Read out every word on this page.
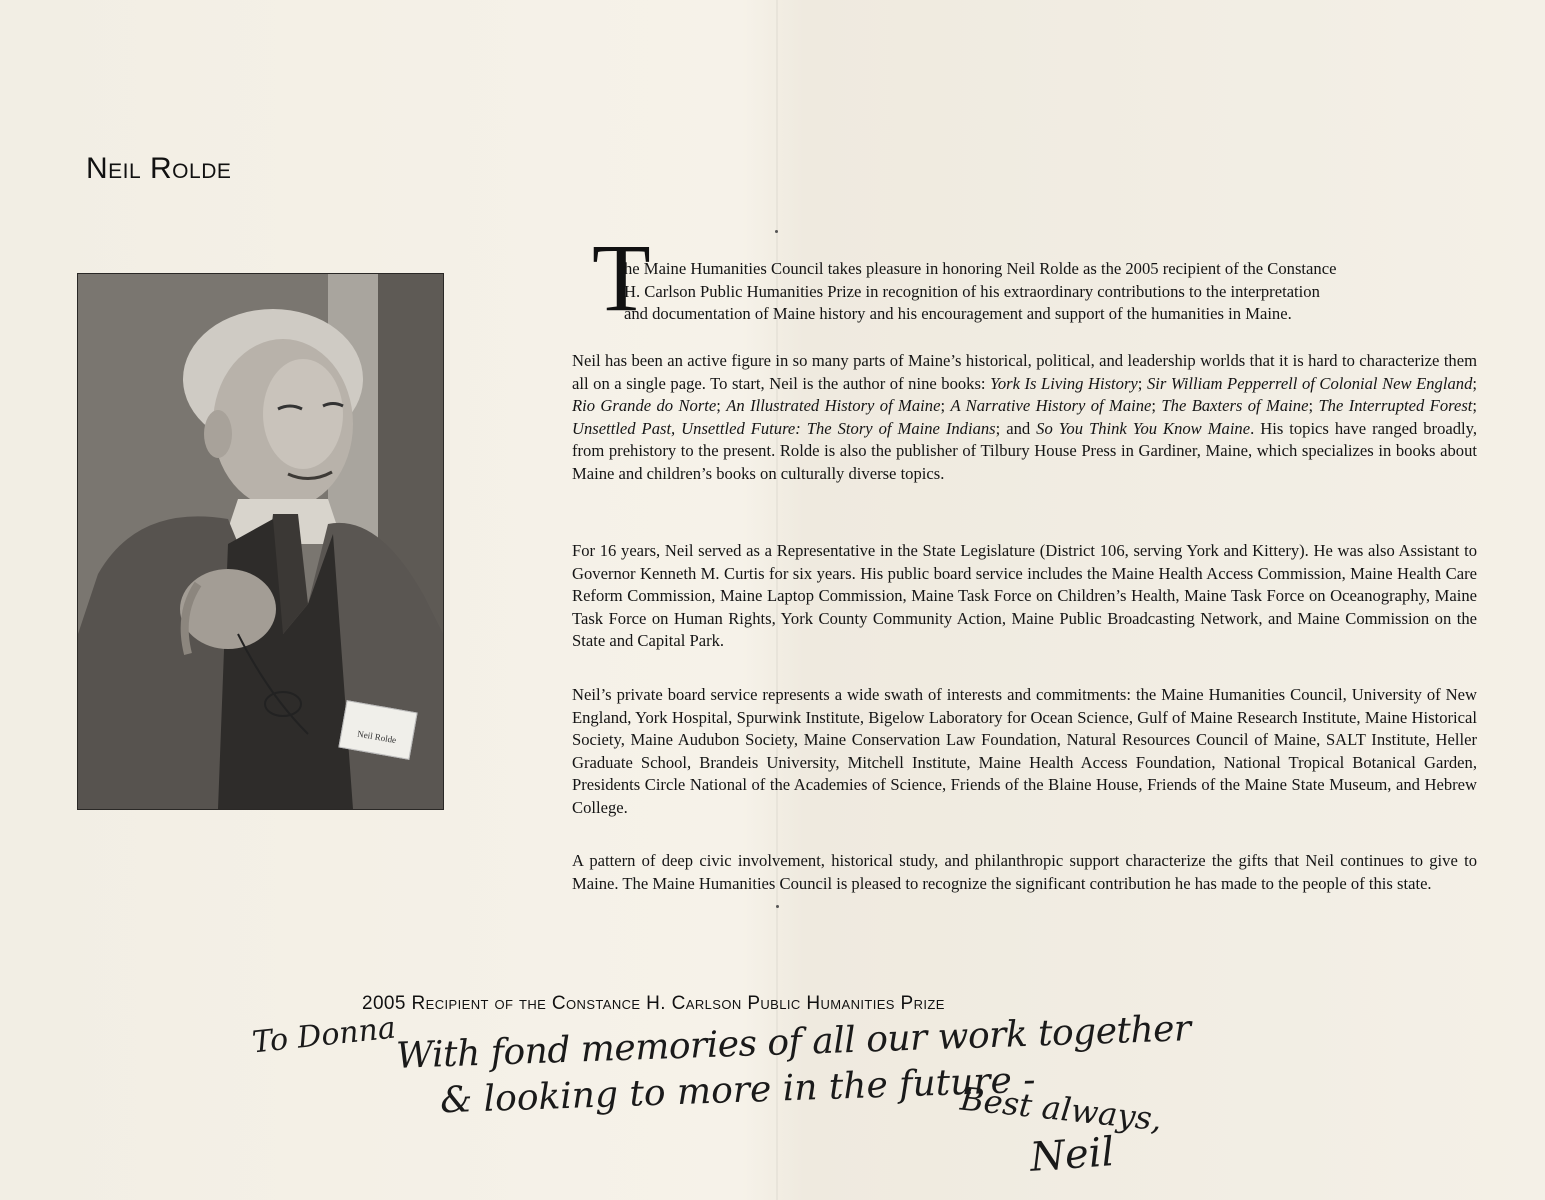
Neil Rolde
Neil Rolde
T
he Maine Humanities Council takes pleasure in honoring Neil Rolde as the 2005 recipient of the Constance
H. Carlson Public Humanities Prize in recognition of his extraordinary contributions to the interpretation
and documentation of Maine history and his encouragement and support of the humanities in Maine.
Neil has been an active figure in so many parts of Maine’s historical, political, and leadership worlds that it is hard to characterize them all on a single page. To start, Neil is the author of nine books: York Is Living History; Sir William Pepperrell of Colonial New England; Rio Grande do Norte; An Illustrated History of Maine; A Narrative History of Maine; The Baxters of Maine; The Interrupted Forest; Unsettled Past, Unsettled Future: The Story of Maine Indians; and So You Think You Know Maine. His topics have ranged broadly, from prehistory to the present. Rolde is also the publisher of Tilbury House Press in Gardiner, Maine, which specializes in books about Maine and children’s books on culturally diverse topics.
For 16 years, Neil served as a Representative in the State Legislature (District 106, serving York and Kittery). He was also Assistant to Governor Kenneth M. Curtis for six years. His public board service includes the Maine Health Access Commission, Maine Health Care Reform Commission, Maine Laptop Commission, Maine Task Force on Children’s Health, Maine Task Force on Oceanography, Maine Task Force on Human Rights, York County Community Action, Maine Public Broadcasting Network, and Maine Commission on the State and Capital Park.
Neil’s private board service represents a wide swath of interests and commitments: the Maine Humanities Council, University of New England, York Hospital, Spurwink Institute, Bigelow Laboratory for Ocean Science, Gulf of Maine Research Institute, Maine Historical Society, Maine Audubon Society, Maine Conservation Law Foundation, Natural Resources Council of Maine, SALT Institute, Heller Graduate School, Brandeis University, Mitchell Institute, Maine Health Access Foundation, National Tropical Botanical Garden, Presidents Circle National of the Academies of Science, Friends of the Blaine House, Friends of the Maine State Museum, and Hebrew College.
A pattern of deep civic involvement, historical study, and philanthropic support characterize the gifts that Neil continues to give to Maine. The Maine Humanities Council is pleased to recognize the significant contribution he has made to the people of this state.
2005 Recipient of the Constance H. Carlson Public Humanities Prize
To Donna
With fond memories of all our work together
& looking to more in the future -
Best always,
Neil
